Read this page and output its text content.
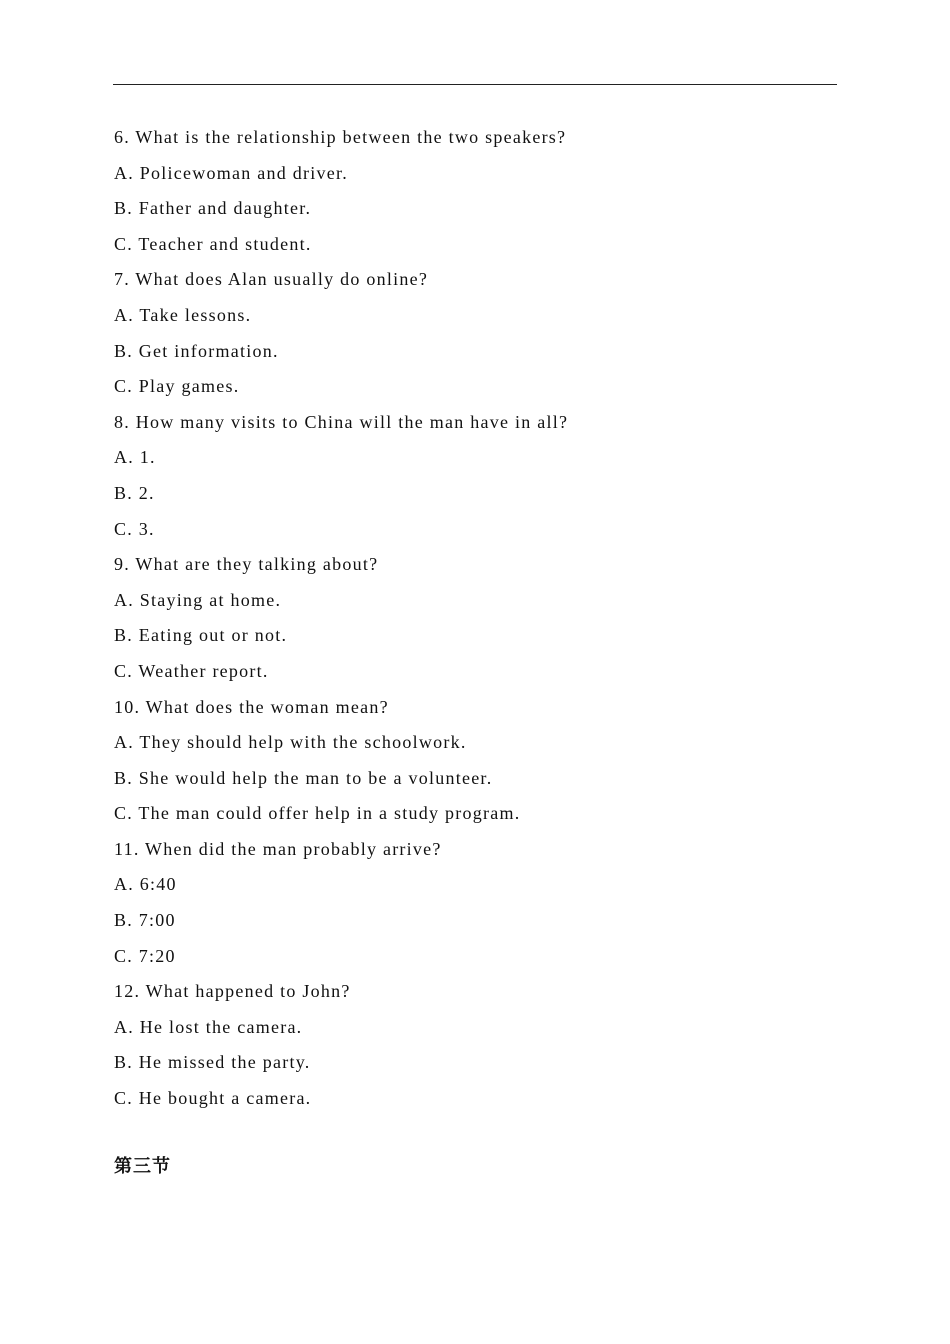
6. What is the relationship between the two speakers?
A. Policewoman and driver.
B. Father and daughter.
C. Teacher and student.
7. What does Alan usually do online?
A. Take lessons.
B. Get information.
C. Play games.
8. How many visits to China will the man have in all?
A. 1.
B. 2.
C. 3.
9. What are they talking about?
A. Staying at home.
B. Eating out or not.
C. Weather report.
10. What does the woman mean?
A. They should help with the schoolwork.
B. She would help the man to be a volunteer.
C. The man could offer help in a study program.
11. When did the man probably arrive?
A. 6:40
B. 7:00
C. 7:20
12. What happened to John?
A. He lost the camera.
B. He missed the party.
C. He bought a camera.
第三节
